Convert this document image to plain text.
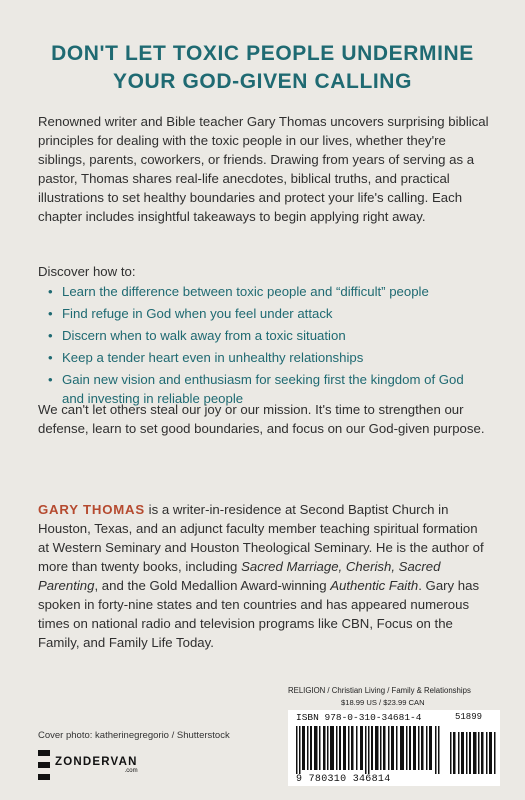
DON'T LET TOXIC PEOPLE UNDERMINE
YOUR GOD-GIVEN CALLING
Renowned writer and Bible teacher Gary Thomas uncovers surprising biblical principles for dealing with the toxic people in our lives, whether they're siblings, parents, coworkers, or friends. Drawing from years of serving as a pastor, Thomas shares real-life anecdotes, biblical truths, and practical illustrations to set healthy boundaries and protect your life's calling. Each chapter includes insightful takeaways to begin applying right away.
Discover how to:
• Learn the difference between toxic people and “difficult” people
• Find refuge in God when you feel under attack
• Discern when to walk away from a toxic situation
• Keep a tender heart even in unhealthy relationships
• Gain new vision and enthusiasm for seeking first the kingdom of God and investing in reliable people
We can't let others steal our joy or our mission. It's time to strengthen our defense, learn to set good boundaries, and focus on our God-given purpose.
GARY THOMAS is a writer-in-residence at Second Baptist Church in Houston, Texas, and an adjunct faculty member teaching spiritual formation at Western Seminary and Houston Theological Seminary. He is the author of more than twenty books, including Sacred Marriage, Cherish, Sacred Parenting, and the Gold Medallion Award-winning Authentic Faith. Gary has spoken in forty-nine states and ten countries and has appeared numerous times on national radio and television programs like CBN, Focus on the Family, and Family Life Today.
RELIGION / Christian Living / Family & Relationships
$18.99 US / $23.99 CAN
ISBN 978-0-310-34681-4	51899
9 780310 346814
Cover photo: katherinegregorio / Shutterstock
ZONDERVAN
.com
